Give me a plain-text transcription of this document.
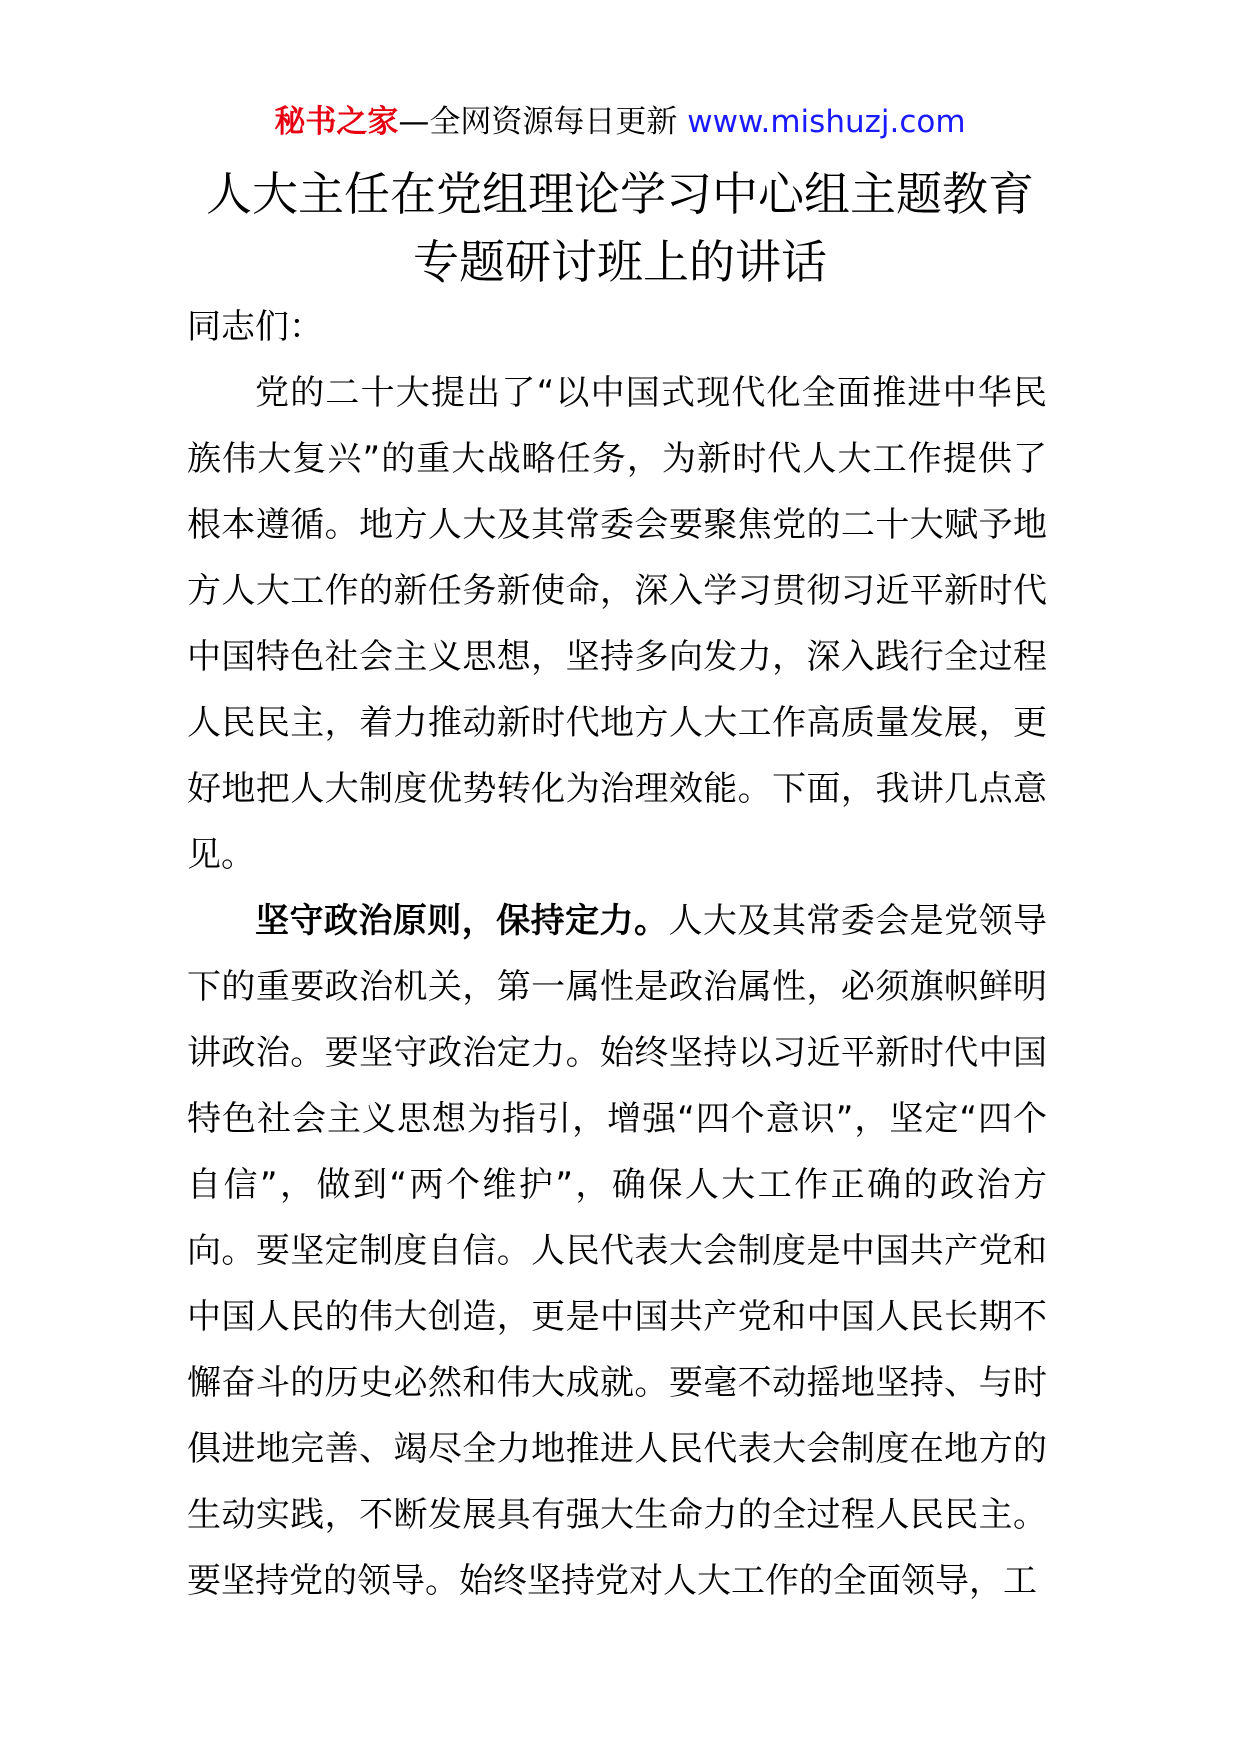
秘书之家—全网资源每日更新 www.mishuzj.com
人大主任在党组理论学习中心组主题教育
专题研讨班上的讲话

同志们：

党的二十大提出了“以中国式现代化全面推进中华民族伟大复兴”的重大战略任务，为新时代人大工作提供了根本遵循。地方人大及其常委会要聚焦党的二十大赋予地方人大工作的新任务新使命，深入学习贯彻习近平新时代中国特色社会主义思想，坚持多向发力，深入践行全过程人民民主，着力推动新时代地方人大工作高质量发展，更好地把人大制度优势转化为治理效能。下面，我讲几点意见。

坚守政治原则，保持定力。人大及其常委会是党领导下的重要政治机关，第一属性是政治属性，必须旗帜鲜明讲政治。要坚守政治定力。始终坚持以习近平新时代中国特色社会主义思想为指引，增强“四个意识”，坚定“四个自信”，做到“两个维护”，确保人大工作正确的政治方向。要坚定制度自信。人民代表大会制度是中国共产党和中国人民的伟大创造，更是中国共产党和中国人民长期不懈奋斗的历史必然和伟大成就。要毫不动摇地坚持、与时俱进地完善、竭尽全力地推进人民代表大会制度在地方的生动实践，不断发展具有强大生命力的全过程人民民主。要坚持党的领导。始终坚持党对人大工作的全面领导，工
